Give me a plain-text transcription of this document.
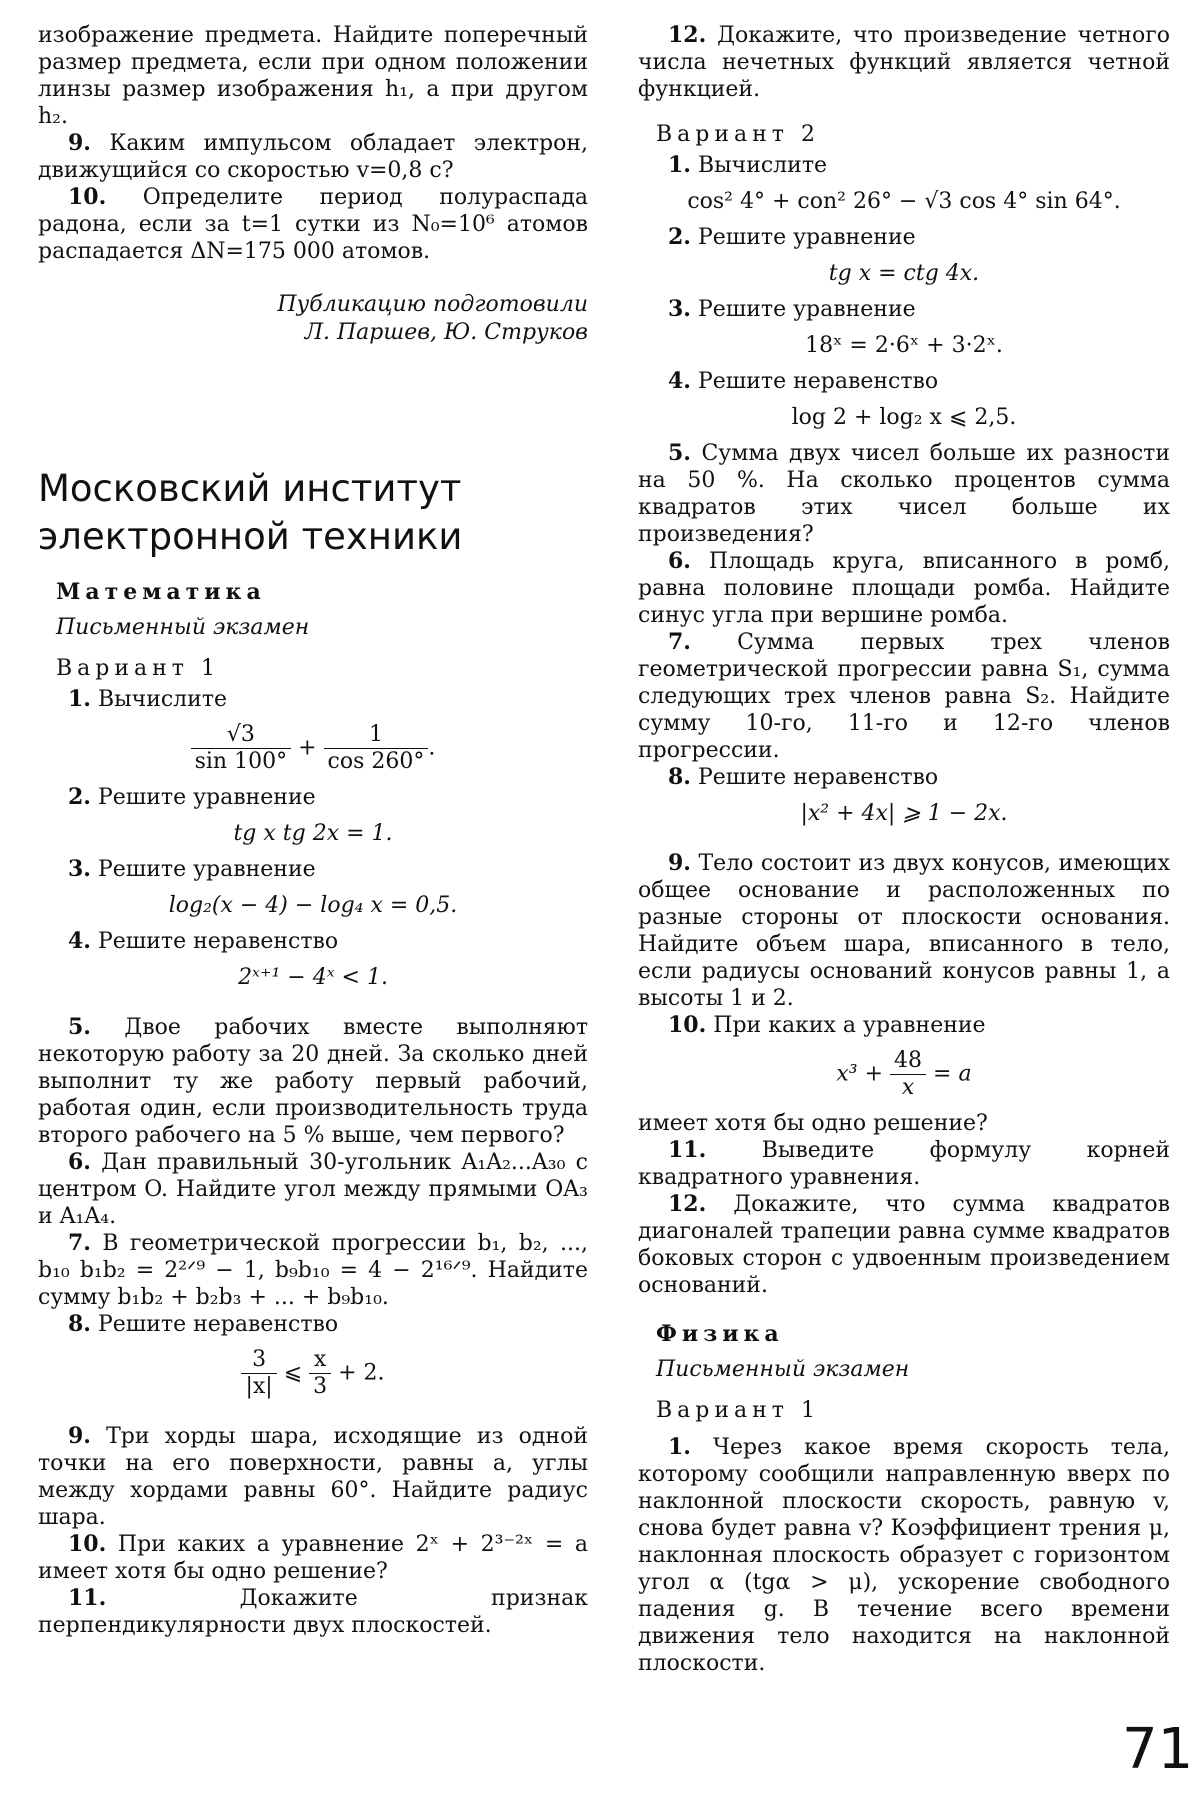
изображение предмета. Найдите поперечный размер предмета, если при одном положении линзы размер изображения h₁, а при другом h₂.

9. Каким импульсом обладает электрон, движущийся со скоростью v=0,8 c?

10. Определите период полураспада радона, если за t=1 сутки из N₀=10⁶ атомов распадается ΔN=175 000 атомов.

Публикацию подготовили
Л. Паршев, Ю. Струков
Московский институт электронной техники
Математика
Письменный экзамен
Вариант 1

1. Вычислите

$\frac{√3}{\sin 100^\circ} + \frac{1}{\cos 260^\circ}$ .

2. Решите уравнение

tg x tg 2x = 1.

3. Решите уравнение

log₂(x − 4) − log₄ x = 0,5.

4. Решите неравенство

2ˣ⁺¹ − 4ˣ < 1.

5. Двое рабочих вместе выполняют некоторую работу за 20 дней. За сколько дней выполнит ту же работу первый рабочий, работая один, если производительность труда второго рабочего на 5 % выше, чем первого?

6. Дан правильный 30-угольник A₁A₂...A₃₀ с центром O. Найдите угол между прямыми OA₃ и A₁A₄.

7. В геометрической прогрессии b₁, b₂, ..., b₁₀ b₁b₂ = 2²ᐟ⁹ − 1, b₉b₁₀ = 4 − 2¹⁶ᐟ⁹. Найдите сумму b₁b₂ + b₂b₃ + ... + b₉b₁₀.

8. Решите неравенство

$\frac{3}{|x|}$ ⩽ $\frac{x}{3} + 2$.

9. Три хорды шара, исходящие из одной точки на его поверхности, равны a, углы между хордами равны 60°. Найдите радиус шара.

10. При каких a уравнение 2ˣ + 2³⁻²ˣ = a имеет хотя бы одно решение?

11.	Докажите признак перпендикулярности двух плоскостей.

12. Докажите, что произведение четного числа нечетных функций является четной функцией.

Вариант 2

1. Вычислите

cos² 4° + con² 26° − √3 cos 4° sin 64°.

2. Решите уравнение

tg x = ctg 4x.

3. Решите уравнение

18ˣ = 2·6ˣ + 3·2ˣ.

4. Решите неравенство

log 2 + log₂ x ⩽ 2,5.

5. Сумма двух чисел больше их разности на 50 %. На сколько процентов сумма квадратов этих чисел больше их произведения?

6. Площадь круга, вписанного в ромб, равна половине площади ромба. Найдите синус угла при вершине ромба.

7. Сумма первых трех членов геометрической прогрессии равна S₁, сумма следующих трех членов равна S₂. Найдите сумму 10-го, 11-го и 12-го членов прогрессии.

8. Решите неравенство

|x² + 4x| ⩾ 1 − 2x.

9. Тело состоит из двух конусов, имеющих общее основание и расположенных по разные стороны от плоскости основания. Найдите объем шара, вписанного в тело, если радиусы оснований конусов равны 1, а высоты 1 и 2.

10. При каких a уравнение

$x^3 + \frac{48}{x} = a$

имеет хотя бы одно решение?

11.	Выведите формулу корней квадратного уравнения.

12. Докажите, что сумма квадратов диагоналей трапеции равна сумме квадратов боковых сторон с удвоенным произведением оснований.

Физика
Письменный экзамен
Вариант 1

1. Через какое время скорость тела, которому сообщили направленную вверх по наклонной плоскости скорость, равную v, снова будет равна v? Коэффициент трения μ, наклонная плоскость образует с горизонтом угол α (tgα > μ), ускорение свободного падения g. В течение всего времени движения тело находится на наклонной плоскости.

71
